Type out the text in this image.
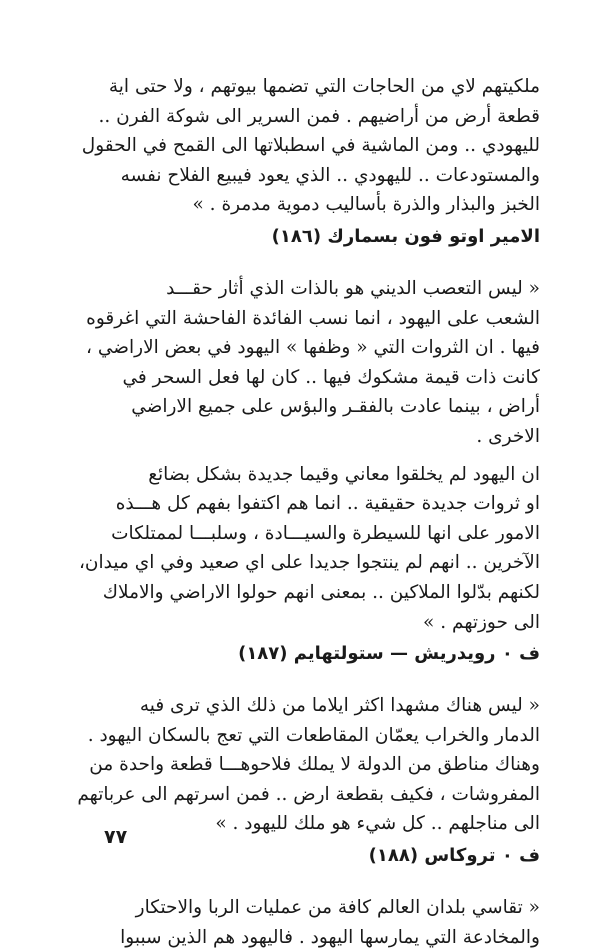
ملكيتهم لاي من الحاجات التي تضمها بيوتهم ، ولا حتى اية
قطعة أرض من أراضيهم . فمن السرير الى شوكة الفرن ..
لليهودي .. ومن الماشية في اسطبلاتها الى القمح في الحقول
والمستودعات .. لليهودي .. الذي يعود فيبيع الفلاح نفسه
الخبز والبذار والذرة بأساليب دموية مدمرة . »

الامير اوتو فون بسمارك (١٨٦)

« ليس التعصب الديني هو بالذات الذي أثار حقـــد
الشعب على اليهود ، انما نسب الفائدة الفاحشة التي اغرقوه
فيها . ان الثروات التي « وظفها » اليهود في بعض الاراضي ،
كانت ذات قيمة مشكوك فيها .. كان لها فعل السحر في
أراض ، بينما عادت بالفقـر والبؤس على جميع الاراضي
الاخرى .

ان اليهود لم يخلقوا معاني وقيما جديدة بشكل بضائع
او ثروات جديدة حقيقية .. انما هم اكتفوا بفهم كل هـــذه
الامور على انها للسيطرة والسيـــادة ، وسلبـــا لممتلكات
الآخرين .. انهم لم ينتجوا جديدا على اي صعيد وفي اي ميدان،
لكنهم بدّلوا الملاكين .. بمعنى انهم حولوا الاراضي والاملاك
الى حوزتهم . »

ف ٠ رويدريش — ستولتهايم (١٨٧)

« ليس هناك مشهدا اكثر ايلاما من ذلك الذي ترى فيه
الدمار والخراب يعمّان المقاطعات التي تعج بالسكان اليهود .
وهناك مناطق من الدولة لا يملك فلاحوهـــا قطعة واحدة من
المفروشات ، فكيف بقطعة ارض .. فمن اسرتهم الى عرباتهم
الى مناجلهم .. كل شيء هو ملك لليهود . »

ف ٠ تروكاس (١٨٨)

« تقاسي بلدان العالم كافة من عمليات الربا والاحتكار
والمخادعة التي يمارسها اليهود . فاليهود هم الذين سببوا

٧٧
